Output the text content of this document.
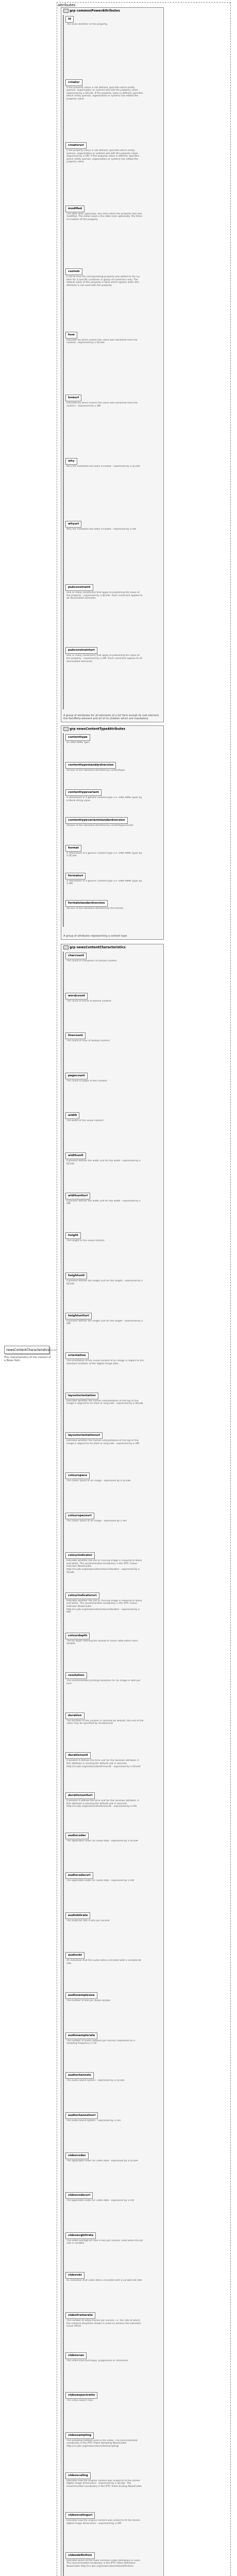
newsContentCharacteristics
The characteristics of the content of a News Item
attributes
grp commonPowerAttributes
id
The local identifier of the property.
creator
If the property value is not defined, specifies which entity (person, organisation or system) will edit the property value - expressed by a QCode. If the property value is defined, specifies which entity (person, organisation or system) has edited the property value.
creatoruri
If the property value is not defined, specifies which entity (person, organisation or system) will edit the property value - expressed by a URI. If the property value is defined, specifies which entity (person, organisation or system) has edited the property value.
modified
The date (and, optionally, the time) when the property was last modified. The initial value is the date (and, optionally, the time) of creation of the property.
custom
If set to true the corresponding property was added to the G2 Item for a specific customer or group of customers only. The default value of this property is false which applies when this attribute is not used with the property.
how
Indicates by which means the value was extracted from the content - expressed by a QCode
howuri
Indicates by which means the value was extracted from the content - expressed by a URI
why
Why the metadata has been included - expressed by a QCode
whyuri
Why the metadata has been included - expressed by a URI
pubconstraint
One or many constraints that apply to publishing the value of the property - expressed by a QCode. Each constraint applies to all descendant elements.
pubconstrainturi
One or many constraints that apply to publishing the value of the property - expressed by a URI. Each constraint applies to all descendant elements.
A group of attributes for all elements of a G2 Item except its root element, the itemMeta element and all of its children which are mandatory.
grp newsContentTypeAttributes
contenttype
An IANA MIME type
contenttypestandardversion
Version of the standard identified by contenttype.
contenttypevariant
A refinement of a generic content type (i.e. IANA MIME type) by a literal string value.
contenttypevariantstandardversion
Version of the standard identified by contenttypevariant.
format
A refinement of a generic content type (i.e. IANA MIME type) by a QCode
formaturi
A refinement of a generic content type (i.e. IANA MIME type) by a URI
formatstandardversion
Version of the standard identified by the format.
A group of attributes representing a content type
grp newsContentCharacteristics
charcount
The count of characters of textual content.
wordcount
The count of words of textual content.
linecount
The count of lines of textual content.
pagecount
The count of pages of the content.
width
The width of the visual content.
widthunit
If present defines the width unit for the width - expressed by a QCode
widthunituri
If present defines the width unit for the width - expressed by a URI
height
The height of the visual content.
heightunit
If present defines the height unit for the height - expressed by a QCode
heightunituri
If present defines the height unit for the height - expressed by a URI
orientation
The orientation of the visual content of an image in regard to the standard rendition of the digital image data.
layoutorientation
Indicates whether the human interpretation of the top of the image is aligned to its short or long side - expressed by a QCode
layoutorientationuri
Indicates whether the human interpretation of the top of the image is aligned to its short or long side - expressed by a URI
colourspace
The colour space of an image - expressed by a QCode
colourspaceuri
The colour space of an image - expressed by a URI
colourindicator
Indicates whether the still or moving image is coloured or black and white. The recommended vocabulary is the IPTC Colour Indicator NewsCodes http://cv.iptc.org/newscodes/colourindicator/ - expressed by a QCode
colourindicatoruri
Indicates whether the still or moving image is coloured or black and white. The recommended vocabulary is the IPTC Colour Indicator NewsCodes http://cv.iptc.org/newscodes/colourindicator/ - expressed by a URI
colourdepth
The bit depth defining the spread of colour data within each sample.
resolution
The recommended printing resolution for an image in dots per inch
duration
The duration of the content in seconds by default, the unit of the value may be specified by durationunit.
durationunit
If present it defines the time unit for the duration attribute. If this attribute is missing the default unit is seconds. http://cv.iptc.org/newscodes/timeunit/ - expressed by a QCode
durationunituri
If present it defines the time unit for the duration attribute. If this attribute is missing the default unit is seconds. http://cv.iptc.org/newscodes/timeunit/ - expressed by a URI
audiocodec
The applicable codec for audio data - expressed by a QCode
audiocodecuri
The applicable codec for audio data - expressed by a URI
audiobitrate
The audio bit rate in bits per second
audiovbr
An indication that the audio data is encoded with a variable bit rate
audiosamplesize
The number of bits per audio sample
audiosamplerate
The number of audio samples per second, expressed as a sampling frequency in Hz
audiochannels
The audio sound system - expressed by a QCode
audiochannelsuri
The audio sound system - expressed by a URI
videocodec
The applicable codec for video data - expressed by a QCode
videocodecuri
The applicable codec for video data - expressed by a URI
videoavgbitrate
The video average bit rate in bits per second. Used when the bit rate is variable
videovbr
An indication that video data is encoded with a variable bit rate
videoframerate
The number of video frames per second, i.e. the rate at which the material should be shown in order to achieve the intended visual effect
videoscan
The video scan technique, progressive or interlaced
videoaspectratio
The video aspect ratio
videosampling
The sampling method used in the video. The recommended vocabulary is the IPTC Video Sampling NewsCodes http://cv.iptc.org/newscodes/videosampling/
videoscaling
Indicates how the original content was scaled to fit the stored digital image dimensions - expressed by a QCode. The recommended vocabulary is the IPTC Video Scaling NewsCodes
videoscalinguri
Indicates how the original content was scaled to fit the stored digital image dimensions - expressed by a URI
videodefinition
Indicates which of the most common video definitions is used. The recommended vocabulary is the IPTC Video Definition NewsCodes http://cv.iptc.org/newscodes/videodefinition/
